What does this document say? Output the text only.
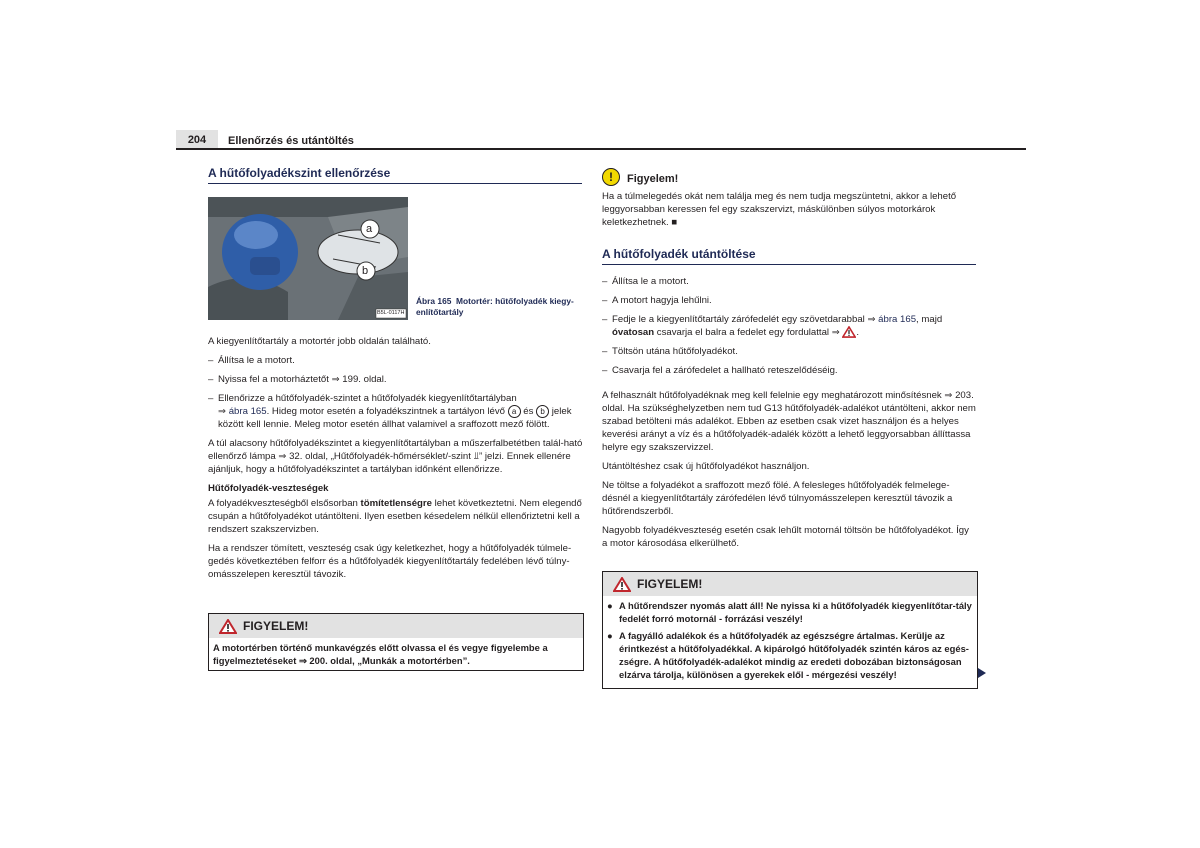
204	Ellenőrzés és utántöltés
A hűtőfolyadékszint ellenőrzése
a
b
B5L-0117H
Ábra 165 Motortér: hűtőfolyadék kiegy-enlítőtartály

A kiegyenlítőtartály a motortér jobb oldalán található.

– Állítsa le a motort.
– Nyissa fel a motorháztetőt ⇒ 199. oldal.
– Ellenőrizze a hűtőfolyadék-szintet a hűtőfolyadék kiegyenlítőtartályban
⇒ ábra 165. Hideg motor esetén a folyadékszintnek a tartályon lévő a és b jelek között kell lennie. Meleg motor esetén állhat valamivel a sraffozott mező fölött.

A túl alacsony hűtőfolyadékszintet a kiegyenlítőtartályban a műszerfalbetétben talál-ható ellenőrző lámpa ⇒ 32. oldal, „Hűtőfolyadék-hőmérséklet/-szint ⫫” jelzi. Ennek ellenére ajánljuk, hogy a hűtőfolyadékszintet a tartályban időnként ellenőrizze.

Hűtőfolyadék-veszteségek

A folyadékveszteségből elsősorban tömítetlenségre lehet következtetni. Nem elegendő csupán a hűtőfolyadékot utántölteni. Ilyen esetben késedelem nélkül ellenőriztetni kell a rendszert szakszervizben.

Ha a rendszer tömített, veszteség csak úgy keletkezhet, hogy a hűtőfolyadék túlmele-gedés következtében felforr és a hűtőfolyadék kiegyenlítőtartály fedelében lévő túlny-omásszelepen keresztül távozik.

FIGYELEM!
A motortérben történő munkavégzés előtt olvassa el és vegye figyelembe a figyelmeztetéseket ⇒ 200. oldal, „Munkák a motortérben”.
!	Figyelem!

Ha a túlmelegedés okát nem találja meg és nem tudja megszüntetni, akkor a lehető leggyorsabban keressen fel egy szakszervizt, máskülönben súlyos motorkárok keletkezhetnek. ■

A hűtőfolyadék utántöltése
– Állítsa le a motort.
– A motort hagyja lehűlni.
– Fedje le a kiegyenlítőtartály zárófedelét egy szövetdarabbal ⇒ ábra 165, majd
óvatosan csavarja el balra a fedelet egy fordulattal ⇒ .
– Töltsön utána hűtőfolyadékot.
– Csavarja fel a zárófedelet a hallható reteszelődéséig.

A felhasznált hűtőfolyadéknak meg kell felelnie egy meghatározott minősítésnek ⇒ 203. oldal. Ha szükséghelyzetben nem tud G13 hűtőfolyadék-adalékot utántölteni, akkor nem szabad betölteni más adalékot. Ebben az esetben csak vizet használjon és a helyes keverési arányt a víz és a hűtőfolyadék-adalék között a lehető leggyorsabban állíttassa helyre egy szakszervizzel.

Utántöltéshez csak új hűtőfolyadékot használjon.

Ne töltse a folyadékot a sraffozott mező fölé. A felesleges hűtőfolyadék felmelege-désnél a kiegyenlítőtartály zárófedélen lévő túlnyomásszelepen keresztül távozik a hűtőrendszerből.

Nagyobb folyadékveszteség esetén csak lehűlt motornál töltsön be hűtőfolyadékot. Így a motor károsodása elkerülhető.

FIGYELEM!
● A hűtőrendszer nyomás alatt áll! Ne nyissa ki a hűtőfolyadék kiegyenlítőtar-tály fedelét forró motornál - forrázási veszély!
● A fagyálló adalékok és a hűtőfolyadék az egészségre ártalmas. Kerülje az érintkezést a hűtőfolyadékkal. A kipárolgó hűtőfolyadék szintén káros az egés-zségre. A hűtőfolyadék-adalékot mindig az eredeti dobozában biztonságosan elzárva tárolja, különösen a gyerekek elől - mérgezési veszély!
